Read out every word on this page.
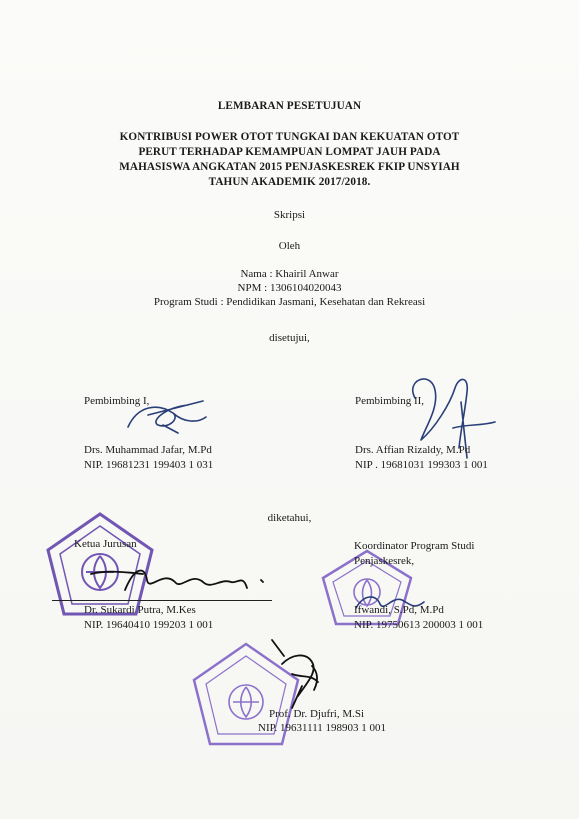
LEMBARAN PESETUJUAN
KONTRIBUSI POWER OTOT TUNGKAI DAN KEKUATAN OTOT
PERUT TERHADAP KEMAMPUAN LOMPAT JAUH PADA
MAHASISWA ANGKATAN 2015 PENJASKESREK FKIP UNSYIAH
TAHUN AKADEMIK 2017/2018.
Skripsi
Oleh
Nama : Khairil Anwar
NPM : 1306104020043
Program Studi : Pendidikan Jasmani, Kesehatan dan Rekreasi
disetujui,
Pembimbing I,
Drs. Muhammad Jafar, M.Pd
NIP. 19681231 199403 1 031
Pembimbing II,
Drs. Affian Rizaldy, M.Pd
NIP . 19681031 199303 1 001
diketahui,
Ketua Jurusan
Dr. Sukardi Putra, M.Kes
NIP. 19640410 199203 1 001
Koordinator Program Studi
Penjaskesrek,
Ifwandi, S.Pd, M.Pd
NIP. 19750613 200003 1 001
Prof. Dr. Djufri, M.Si
NIP. 19631111 198903 1 001
